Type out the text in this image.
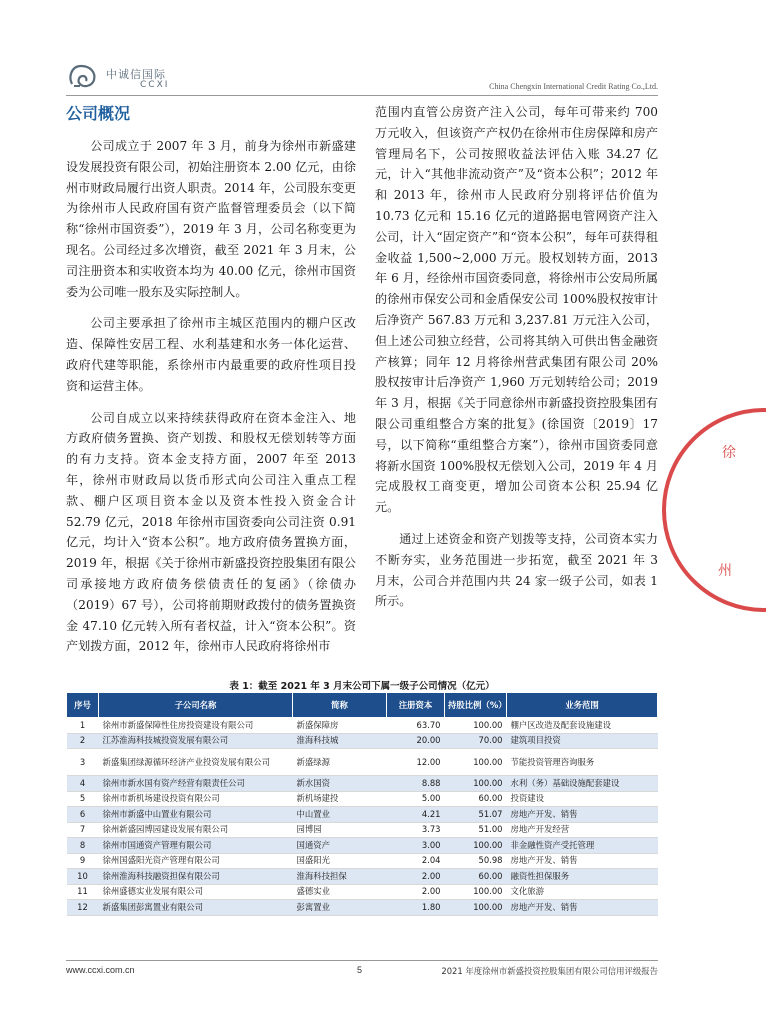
中诚信国际
CCXI	China Chengxin International Credit Rating Co.,Ltd.
公司概况

公司成立于 2007 年 3 月，前身为徐州市新盛建设发展投资有限公司，初始注册资本 2.00 亿元，由徐州市财政局履行出资人职责。2014 年，公司股东变更为徐州市人民政府国有资产监督管理委员会（以下简称“徐州市国资委”），2019 年 3 月，公司名称变更为现名。公司经过多次增资，截至 2021 年 3 月末，公司注册资本和实收资本均为 40.00 亿元，徐州市国资委为公司唯一股东及实际控制人。

公司主要承担了徐州市主城区范围内的棚户区改造、保障性安居工程、水利基建和水务一体化运营、政府代建等职能，系徐州市内最重要的政府性项目投资和运营主体。

公司自成立以来持续获得政府在资本金注入、地方政府债务置换、资产划拨、和股权无偿划转等方面的有力支持。资本金支持方面，2007 年至 2013 年，徐州市财政局以货币形式向公司注入重点工程款、棚户区项目资本金以及资本性投入资金合计 52.79 亿元，2018 年徐州市国资委向公司注资 0.91 亿元，均计入“资本公积”。地方政府债务置换方面，2019 年，根据《关于徐州市新盛投资控股集团有限公司承接地方政府债务偿债责任的复函》（徐债办（2019）67 号），公司将前期财政拨付的债务置换资金 47.10 亿元转入所有者权益，计入“资本公积”。资产划拨方面，2012 年，徐州市人民政府将徐州市

范围内直管公房资产注入公司，每年可带来约 700 万元收入，但该资产产权仍在徐州市住房保障和房产管理局名下，公司按照收益法评估入账 34.27 亿元，计入“其他非流动资产”及“资本公积”；2012 年和 2013 年，徐州市人民政府分别将评估价值为 10.73 亿元和 15.16 亿元的道路据电管网资产注入公司，计入“固定资产”和“资本公积”，每年可获得租金收益 1,500~2,000 万元。股权划转方面，2013 年 6 月，经徐州市国资委同意，将徐州市公安局所属的徐州市保安公司和金盾保安公司 100%股权按审计后净资产 567.83 万元和 3,237.81 万元注入公司，但上述公司独立经营，公司将其纳入可供出售金融资产核算；同年 12 月将徐州营武集团有限公司 20%股权按审计后净资产 1,960 万元划转给公司；2019 年 3 月，根据《关于同意徐州市新盛投资控股集团有限公司重组整合方案的批复》(徐国资〔2019〕17 号，以下简称“重组整合方案”），徐州市国资委同意将新水国资 100%股权无偿划入公司，2019 年 4 月完成股权工商变更，增加公司资本公积 25.94 亿元。

通过上述资金和资产划拨等支持，公司资本实力不断夯实，业务范围进一步拓宽，截至 2021 年 3 月末，公司合并范围内共 24 家一级子公司，如表 1 所示。

表 1：截至 2021 年 3 月末公司下属一级子公司情况（亿元）
序号	子公司名称	简称	注册资本	持股比例（%）	业务范围
1	徐州市新盛保障性住房投资建设有限公司	新盛保障房	63.70	100.00	棚户区改造及配套设施建设
2	江苏淮海科技城投资发展有限公司	淮海科技城	20.00	70.00	建筑项目投资
3	新盛集团绿源循环经济产业投资发展有限公司	新盛绿源	12.00	100.00	节能投资管理咨询服务
4	徐州市新水国有资产经营有限责任公司	新水国资	8.88	100.00	水利（务）基础设施配套建设
5	徐州市新机场建设投资有限公司	新机场建投	5.00	60.00	投资建设
6	徐州市新盛中山置业有限公司	中山置业	4.21	51.07	房地产开发、销售
7	徐州新盛园博园建设发展有限公司	园博园	3.73	51.00	房地产开发经营
8	徐州市国通资产管理有限公司	国通资产	3.00	100.00	非金融性资产受托管理
9	徐州国盛阳光资产管理有限公司	国盛阳光	2.04	50.98	房地产开发、销售
10	徐州淮海科技融资担保有限公司	淮海科技担保	2.00	60.00	融资性担保服务
11	徐州盛德实业发展有限公司	盛德实业	2.00	100.00	文化旅游
12	新盛集团彭寓置业有限公司	彭寓置业	1.80	100.00	房地产开发、销售
www.ccxi.com.cn	5	2021 年度徐州市新盛投资控股集团有限公司信用评级报告
徐
州
